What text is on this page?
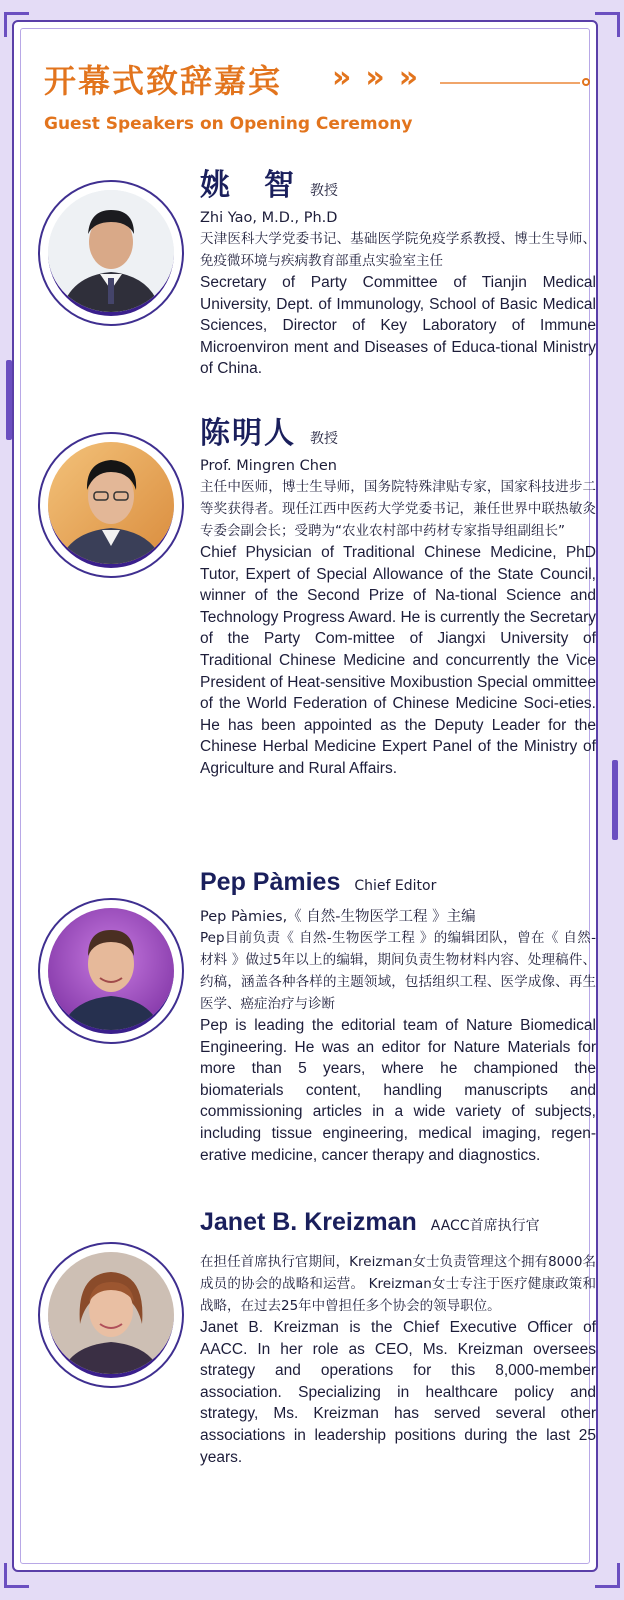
开幕式致辞嘉宾 »»»
Guest Speakers on Opening Ceremony
姚　智 教授
Zhi Yao, M.D., Ph.D
天津医科大学党委书记、基础医学院免疫学系教授、博士生导师、免疫微环境与疾病教育部重点实验室主任
Secretary of Party Committee of Tianjin Medical University, Dept. of Immunology, School of Basic Medical Sciences, Director of Key Laboratory of Immune Microenviron ment and Diseases of Educa-tional Ministry of China.
陈明人 教授
Prof. Mingren Chen
主任中医师，博士生导师，国务院特殊津贴专家，国家科技进步二等奖获得者。现任江西中医药大学党委书记，兼任世界中联热敏灸专委会副会长；受聘为“农业农村部中药材专家指导组副组长”
Chief Physician of Traditional Chinese Medicine, PhD Tutor, Expert of Special Allowance of the State Council, winner of the Second Prize of Na-tional Science and Technology Progress Award. He is currently the Secretary of the Party Com-mittee of Jiangxi University of Traditional Chinese Medicine and concurrently the Vice President of Heat-sensitive Moxibustion Special ommittee of the World Federation of Chinese Medicine Soci-eties. He has been appointed as the Deputy Leader for the Chinese Herbal Medicine Expert Panel of the Ministry of Agriculture and Rural Affairs.
Pep Pàmies Chief Editor
Pep Pàmies,《 自然-生物医学工程 》主编
Pep目前负责《 自然-生物医学工程 》的编辑团队，曾在《 自然-材料 》做过5年以上的编辑，期间负责生物材料内容、处理稿件、约稿，涵盖各种各样的主题领域，包括组织工程、医学成像、再生医学、癌症治疗与诊断
Pep is leading the editorial team of Nature Biomedical Engineering. He was an editor for Nature Materials for more than 5 years, where he championed the biomaterials content, handling manuscripts and commissioning articles in a wide variety of subjects, including tissue engineering, medical imaging, regen-erative medicine, cancer therapy and diagnostics.
Janet B. Kreizman AACC首席执行官
在担任首席执行官期间，Kreizman女士负责管理这个拥有8000名成员的协会的战略和运营。 Kreizman女士专注于医疗健康政策和战略，在过去25年中曾担任多个协会的领导职位。
Janet B. Kreizman is the Chief Executive Officer of AACC. In her role as CEO, Ms. Kreizman oversees strategy and operations for this 8,000-member association. Specializing in healthcare policy and strategy, Ms. Kreizman has served several other associations in leadership positions during the last 25 years.
